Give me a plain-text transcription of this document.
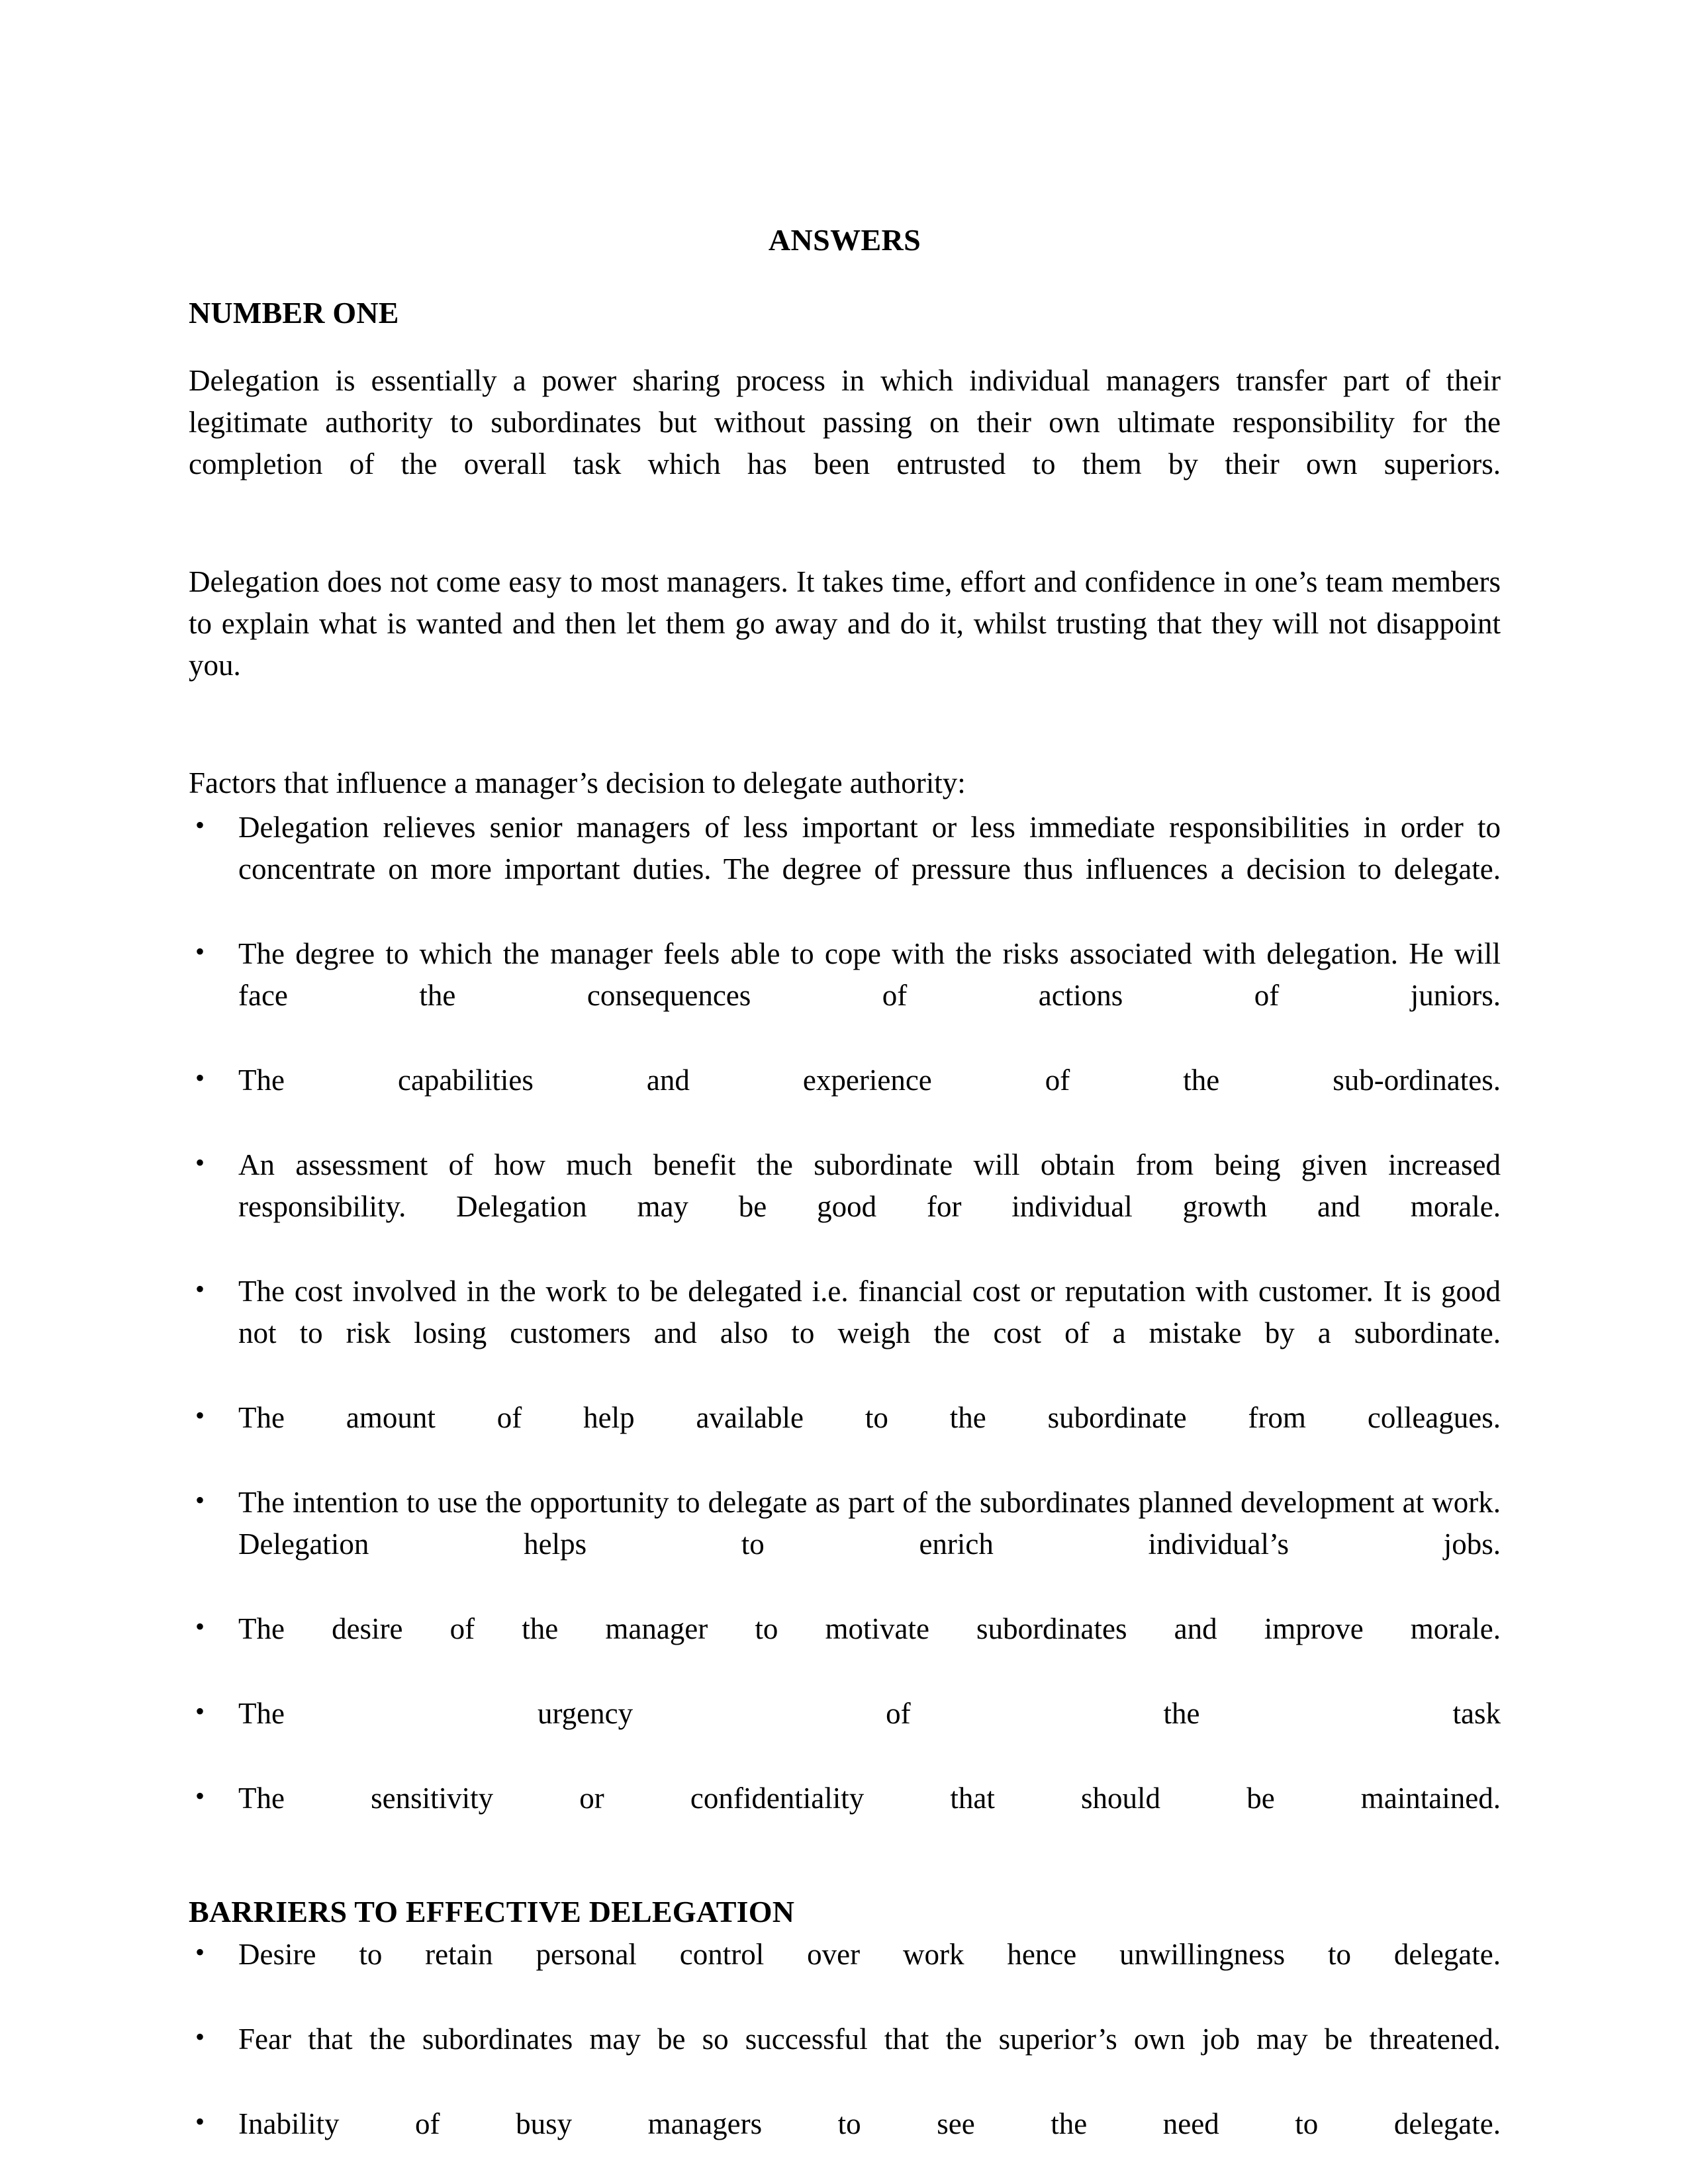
ANSWERS
NUMBER ONE

Delegation is essentially a power sharing process in which individual managers transfer part of their legitimate authority to subordinates but without passing on their own ultimate responsibility for the completion of the overall task which has been entrusted to them by their own superiors.

Delegation does not come easy to most managers. It takes time, effort and confidence in one’s team members to explain what is wanted and then let them go away and do it, whilst trusting that they will not disappoint you.

Factors that influence a manager’s decision to delegate authority:
• Delegation relieves senior managers of less important or less immediate responsibilities in order to concentrate on more important duties. The degree of pressure thus influences a decision to delegate.
• The degree to which the manager feels able to cope with the risks associated with delegation. He will face the consequences of actions of juniors.
• The capabilities and experience of the sub-ordinates.
• An assessment of how much benefit the subordinate will obtain from being given increased responsibility. Delegation may be good for individual growth and morale.
• The cost involved in the work to be delegated i.e. financial cost or reputation with customer. It is good not to risk losing customers and also to weigh the cost of a mistake by a subordinate.
• The amount of help available to the subordinate from colleagues.
• The intention to use the opportunity to delegate as part of the subordinates planned development at work. Delegation helps to enrich individual’s jobs.
• The desire of the manager to motivate subordinates and improve morale.
• The urgency of the task
• The sensitivity or confidentiality that should be maintained.
BARRIERS TO EFFECTIVE DELEGATION
• Desire to retain personal control over work hence unwillingness to delegate.
• Fear that the subordinates may be so successful that the superior’s own job may be threatened.
• Inability of busy managers to see the need to delegate.
